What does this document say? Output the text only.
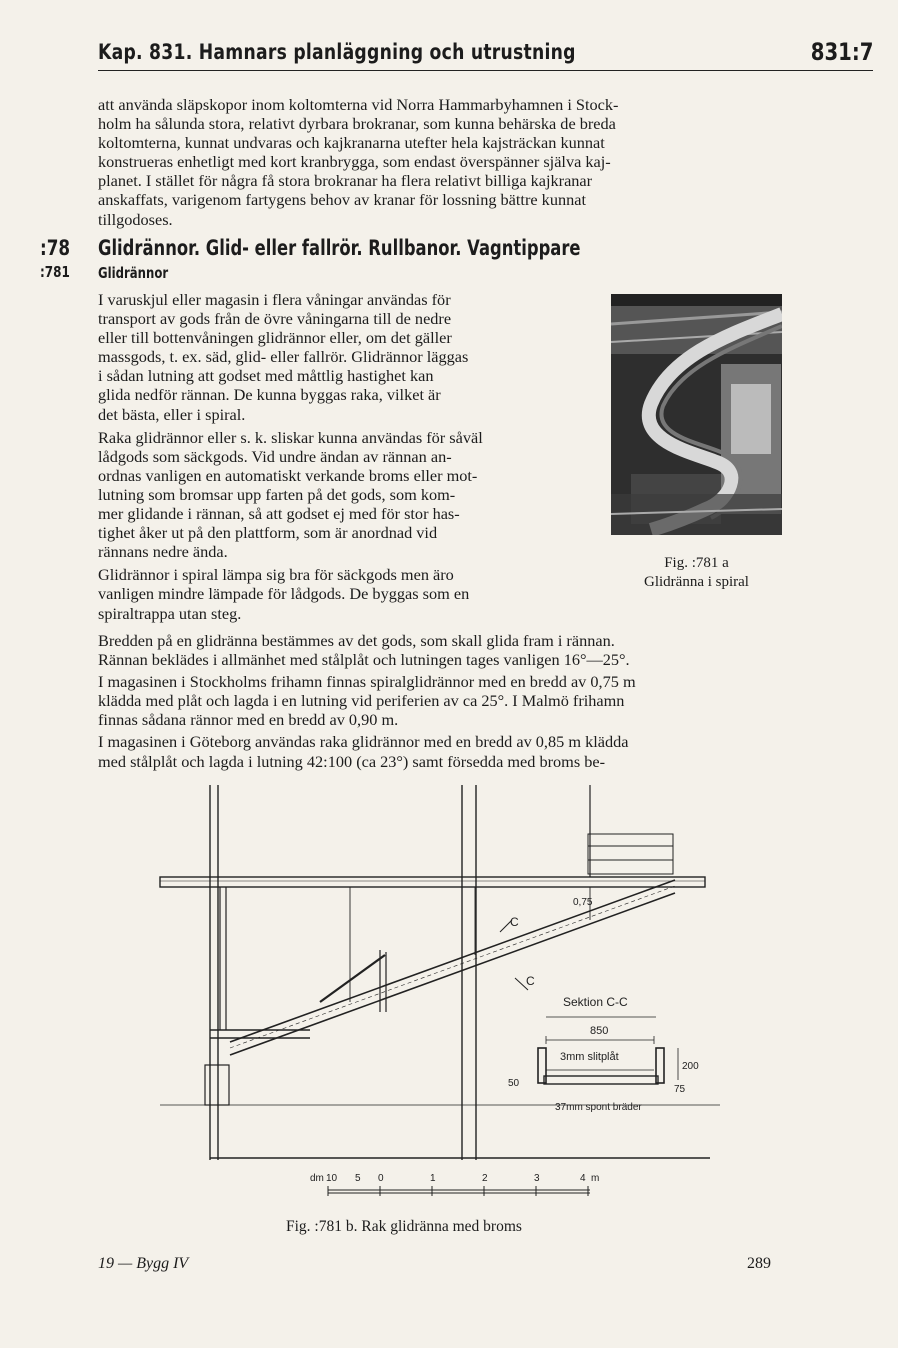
Kap. 831. Hamnars planläggning och utrustning	831:7
att använda släpskopor inom koltomterna vid Norra Hammarbyhamnen i Stock-
holm ha sålunda stora, relativt dyrbara brokranar, som kunna behärska de breda
koltomterna, kunnat undvaras och kajkranarna utefter hela kajsträckan kunnat
konstrueras enhetligt med kort kranbrygga, som endast överspänner själva kaj-
planet. I stället för några få stora brokranar ha flera relativt billiga kajkranar
anskaffats, varigenom fartygens behov av kranar för lossning bättre kunnat
tillgodoses.
:78 Glidrännor. Glid- eller fallrör. Rullbanor. Vagntippare
:781 Glidrännor
I varuskjul eller magasin i flera våningar användas för
transport av gods från de övre våningarna till de nedre
eller till bottenvåningen glidrännor eller, om det gäller
massgods, t. ex. säd, glid- eller fallrör. Glidrännor läggas
i sådan lutning att godset med måttlig hastighet kan
glida nedför rännan. De kunna byggas raka, vilket är
det bästa, eller i spiral.
Raka glidrännor eller s. k. sliskar kunna användas för såväl
lådgods som säckgods. Vid undre ändan av rännan an-
ordnas vanligen en automatiskt verkande broms eller mot-
lutning som bromsar upp farten på det gods, som kom-
mer glidande i rännan, så att godset ej med för stor has-
tighet åker ut på den plattform, som är anordnad vid
rännans nedre ända.
Glidrännor i spiral lämpa sig bra för säckgods men äro
vanligen mindre lämpade för lådgods. De byggas som en
spiraltrappa utan steg.
Fig. :781 a
Glidränna i spiral
Bredden på en glidränna bestämmes av det gods, som skall glida fram i rännan.
Rännan beklädes i allmänhet med stålplåt och lutningen tages vanligen 16°—25°.
I magasinen i Stockholms frihamn finnas spiralglidrännor med en bredd av 0,75 m
klädda med plåt och lagda i en lutning vid periferien av ca 25°. I Malmö frihamn
finnas sådana rännor med en bredd av 0,90 m.
I magasinen i Göteborg användas raka glidrännor med en bredd av 0,85 m klädda
med stålplåt och lagda i lutning 42:100 (ca 23°) samt försedda med broms be-
C
C
0,75
Sektion C-C
850
3mm slitplåt
200
50
75
37mm spont bräder
dm 10 5 0	1	2	3	4 m
Fig. :781 b. Rak glidränna med broms
19 — Bygg IV	289
